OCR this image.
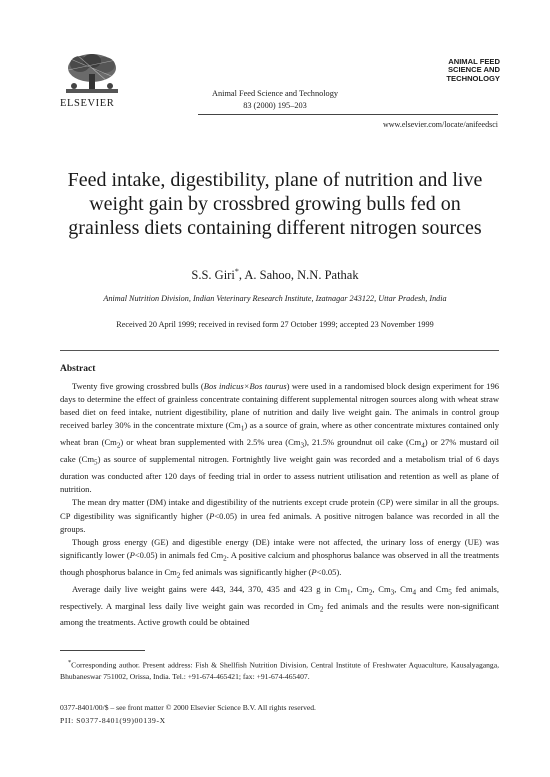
ELSEVIER
Animal Feed Science and Technology
83 (2000) 195–203
ANIMAL FEED
SCIENCE AND
TECHNOLOGY
www.elsevier.com/locate/anifeedsci
Feed intake, digestibility, plane of nutrition and live weight gain by crossbred growing bulls fed on grainless diets containing different nitrogen sources
S.S. Giri*, A. Sahoo, N.N. Pathak
Animal Nutrition Division, Indian Veterinary Research Institute, Izatnagar 243122, Uttar Pradesh, India
Received 20 April 1999; received in revised form 27 October 1999; accepted 23 November 1999
Abstract

Twenty five growing crossbred bulls (Bos indicus×Bos taurus) were used in a randomised block design experiment for 196 days to determine the effect of grainless concentrate containing different supplemental nitrogen sources along with wheat straw based diet on feed intake, nutrient digestibility, plane of nutrition and daily live weight gain. The animals in control group received barley 30% in the concentrate mixture $(Cm_1)$ as a source of grain, where as other concentrate mixtures contained only wheat bran $(Cm_2)$ or wheat bran supplemented with 2.5% urea $(Cm_3)$, 21.5% groundnut oil cake $(Cm_4)$ or 27% mustard oil cake $(Cm_5)$ as source of supplemental nitrogen. Fortnightly live weight gain was recorded and a metabolism trial of 6 days duration was conducted after 120 days of feeding trial in order to assess nutrient utilisation and retention as well as plane of nutrition.

The mean dry matter (DM) intake and digestibility of the nutrients except crude protein (CP) were similar in all the groups. CP digestibility was significantly higher (P<0.05) in urea fed animals. A positive nitrogen balance was recorded in all the groups.

Though gross energy (GE) and digestible energy (DE) intake were not affected, the urinary loss of energy (UE) was significantly lower (P<0.05) in animals fed $Cm_2$. A positive calcium and phosphorus balance was observed in all the treatments though phosphorus balance in $Cm_2$ fed animals was significantly higher (P<0.05).

Average daily live weight gains were 443, 344, 370, 435 and 423 g in $Cm_1$, $Cm_2$, $Cm_3$, $Cm_4$ and $Cm_5$ fed animals, respectively. A marginal less daily live weight gain was recorded in $Cm_2$ fed animals and the results were non-significant among the treatments. Active growth could be obtained

*Corresponding author. Present address: Fish & Shellfish Nutrition Division, Central Institute of Freshwater Aquaculture, Kausalyaganga, Bhubaneswar 751002, Orissa, India. Tel.: +91-674-465421; fax: +91-674-465407.
0377-8401/00/$ – see front matter © 2000 Elsevier Science B.V. All rights reserved.
PII: S0377-8401(99)00139-X
